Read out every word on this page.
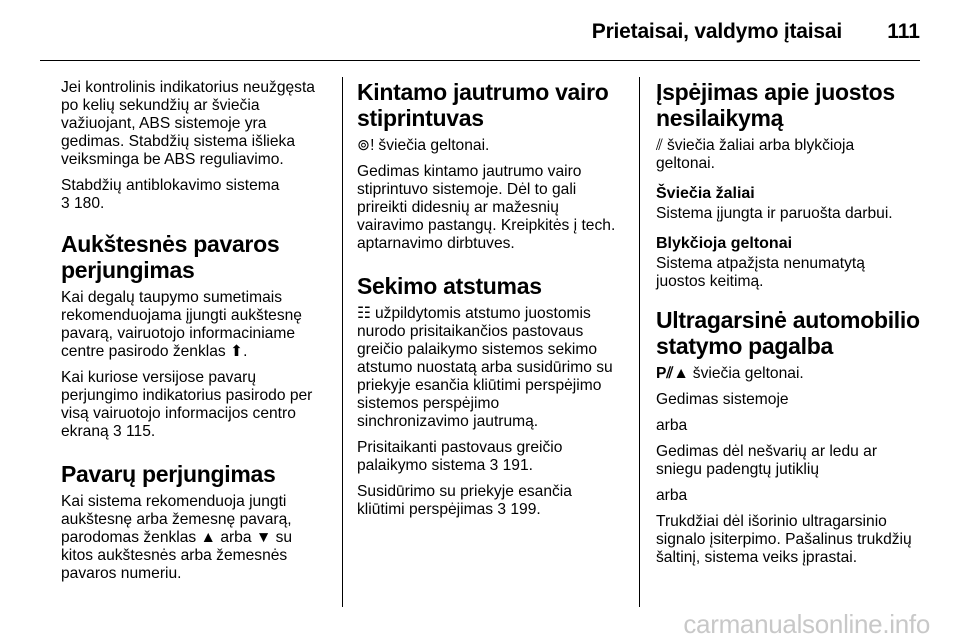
Prietaisai, valdymo įtaisai 111

Jei kontrolinis indikatorius neužgęsta
po kelių sekundžių ar šviečia
važiuojant, ABS sistemoje yra
gedimas. Stabdžių sistema išlieka
veiksminga be ABS reguliavimo.

Stabdžių antiblokavimo sistema
3 180.

Aukštesnės pavaros
perjungimas

Kai degalų taupymo sumetimais
rekomenduojama įjungti aukštesnę
pavarą, vairuotojo informaciniame
centre pasirodo ženklas ⬆.

Kai kuriose versijose pavarų
perjungimo indikatorius pasirodo per
visą vairuotojo informacijos centro
ekraną 3 115.

Pavarų perjungimas

Kai sistema rekomenduoja jungti
aukštesnę arba žemesnę pavarą,
parodomas ženklas ▲ arba ▼ su
kitos aukštesnės arba žemesnės
pavaros numeriu.

Kintamo jautrumo vairo
stiprintuvas

⊚! šviečia geltonai.

Gedimas kintamo jautrumo vairo
stiprintuvo sistemoje. Dėl to gali
prireikti didesnių ar mažesnių
vairavimo pastangų. Kreipkitės į tech.
aptarnavimo dirbtuves.

Sekimo atstumas

☷ užpildytomis atstumo juostomis
nurodo prisitaikančios pastovaus
greičio palaikymo sistemos sekimo
atstumo nuostatą arba susidūrimo su
priekyje esančia kliūtimi perspėjimo
sistemos perspėjimo
sinchronizavimo jautrumą.

Prisitaikanti pastovaus greičio
palaikymo sistema 3 191.

Susidūrimo su priekyje esančia
kliūtimi perspėjimas 3 199.

Įspėjimas apie juostos
nesilaikymą

⫽ šviečia žaliai arba blykčioja
geltonai.

Šviečia žaliai

Sistema įjungta ir paruošta darbui.

Blykčioja geltonai

Sistema atpažįsta nenumatytą
juostos keitimą.

Ultragarsinė automobilio
statymo pagalba

P⫽▲ šviečia geltonai.

Gedimas sistemoje

arba

Gedimas dėl nešvarių ar ledu ar
sniegu padengtų jutiklių

arba

Trukdžiai dėl išorinio ultragarsinio
signalo įsiterpimo. Pašalinus trukdžių
šaltinį, sistema veiks įprastai.

carmanualsonline.info
